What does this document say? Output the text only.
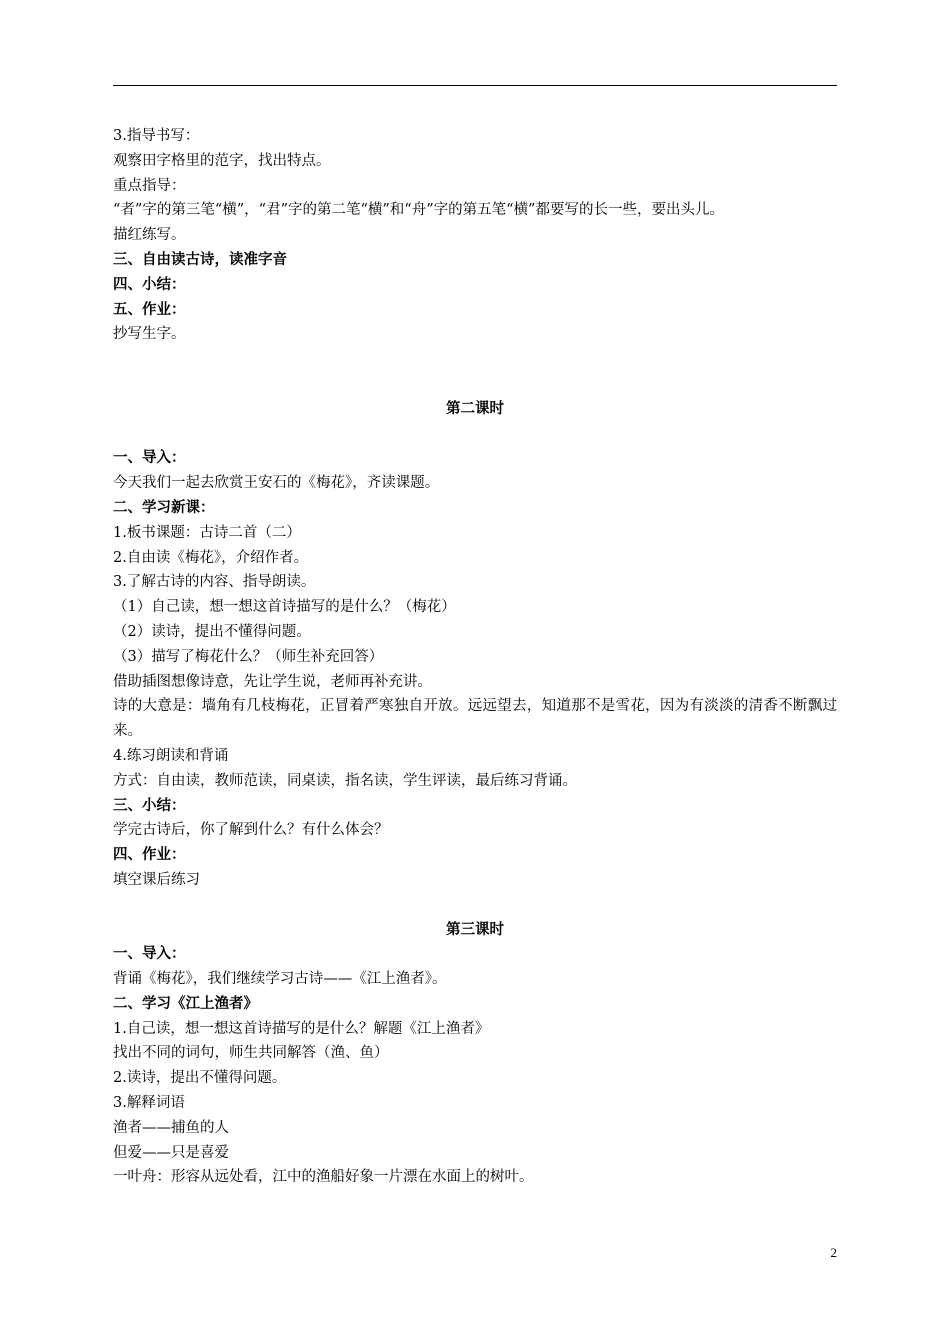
3.指导书写：
观察田字格里的范字，找出特点。
重点指导：
“者”字的第三笔“横”，“君”字的第二笔“横”和“舟”字的第五笔“横”都要写的长一些，要出头儿。
描红练写。
三、自由读古诗，读准字音
四、小结：
五、作业：
抄写生字。
第二课时
一、导入：
今天我们一起去欣赏王安石的《梅花》，齐读课题。
二、学习新课：
1.板书课题：古诗二首（二）
2.自由读《梅花》，介绍作者。
3.了解古诗的内容、指导朗读。
（1）自己读，想一想这首诗描写的是什么？（梅花）
（2）读诗，提出不懂得问题。
（3）描写了梅花什么？（师生补充回答）
借助插图想像诗意，先让学生说，老师再补充讲。
诗的大意是：墙角有几枝梅花，正冒着严寒独自开放。远远望去，知道那不是雪花，因为有淡淡的清香不断飘过来。
4.练习朗读和背诵
方式：自由读，教师范读，同桌读，指名读，学生评读，最后练习背诵。
三、小结：
学完古诗后，你了解到什么？有什么体会？
四、作业：
填空课后练习
第三课时
一、导入：
背诵《梅花》，我们继续学习古诗——《江上渔者》。
二、学习《江上渔者》
1.自己读，想一想这首诗描写的是什么？解题《江上渔者》
找出不同的词句，师生共同解答（渔、鱼）
2.读诗，提出不懂得问题。
3.解释词语
渔者——捕鱼的人
但爱——只是喜爱
一叶舟：形容从远处看，江中的渔船好象一片漂在水面上的树叶。
2
